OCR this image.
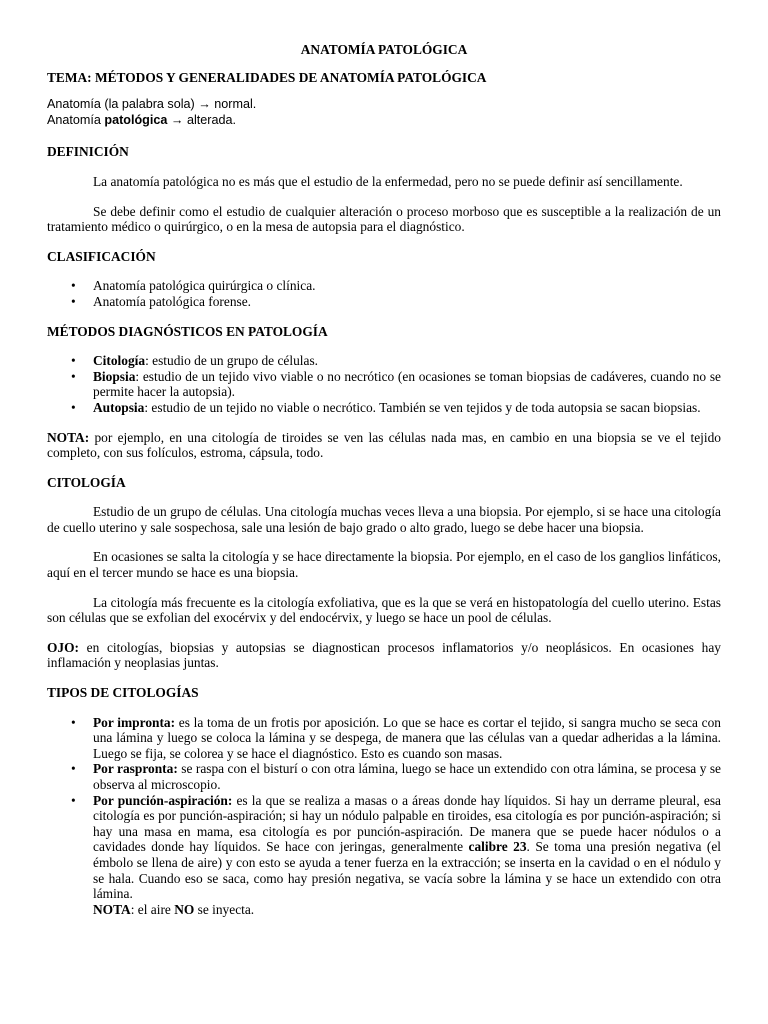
ANATOMÍA PATOLÓGICA
TEMA: MÉTODOS Y GENERALIDADES DE ANATOMÍA PATOLÓGICA
Anatomía (la palabra sola) → normal.
Anatomía patológica → alterada.
DEFINICIÓN

La anatomía patológica no es más que el estudio de la enfermedad, pero no se puede definir así sencillamente.

Se debe definir como el estudio de cualquier alteración o proceso morboso que es susceptible a la realización de un tratamiento médico o quirúrgico, o en la mesa de autopsia para el diagnóstico.

CLASIFICACIÓN
• Anatomía patológica quirúrgica o clínica.
• Anatomía patológica forense.
MÉTODOS DIAGNÓSTICOS EN PATOLOGÍA
• Citología: estudio de un grupo de células.
• Biopsia: estudio de un tejido vivo viable o no necrótico (en ocasiones se toman biopsias de cadáveres, cuando no se permite hacer la autopsia).
• Autopsia: estudio de un tejido no viable o necrótico. También se ven tejidos y de toda autopsia se sacan biopsias.

NOTA: por ejemplo, en una citología de tiroides se ven las células nada mas, en cambio en una biopsia se ve el tejido completo, con sus folículos, estroma, cápsula, todo.

CITOLOGÍA

Estudio de un grupo de células. Una citología muchas veces lleva a una biopsia. Por ejemplo, si se hace una citología de cuello uterino y sale sospechosa, sale una lesión de bajo grado o alto grado, luego se debe hacer una biopsia.

En ocasiones se salta la citología y se hace directamente la biopsia. Por ejemplo, en el caso de los ganglios linfáticos, aquí en el tercer mundo se hace es una biopsia.

La citología más frecuente es la citología exfoliativa, que es la que se verá en histopatología del cuello uterino. Estas son células que se exfolian del exocérvix y del endocérvix, y luego se hace un pool de células.

OJO: en citologías, biopsias y autopsias se diagnostican procesos inflamatorios y/o neoplásicos. En ocasiones hay inflamación y neoplasias juntas.

TIPOS DE CITOLOGÍAS
• Por impronta: es la toma de un frotis por aposición. Lo que se hace es cortar el tejido, si sangra mucho se seca con una lámina y luego se coloca la lámina y se despega, de manera que las células van a quedar adheridas a la lámina. Luego se fija, se colorea y se hace el diagnóstico. Esto es cuando son masas.
• Por raspronta: se raspa con el bisturí o con otra lámina, luego se hace un extendido con otra lámina, se procesa y se observa al microscopio.
• Por punción-aspiración: es la que se realiza a masas o a áreas donde hay líquidos. Si hay un derrame pleural, esa citología es por punción-aspiración; si hay un nódulo palpable en tiroides, esa citología es por punción-aspiración; si hay una masa en mama, esa citología es por punción-aspiración. De manera que se puede hacer nódulos o a cavidades donde hay líquidos. Se hace con jeringas, generalmente calibre 23. Se toma una presión negativa (el émbolo se llena de aire) y con esto se ayuda a tener fuerza en la extracción; se inserta en la cavidad o en el nódulo y se hala. Cuando eso se saca, como hay presión negativa, se vacía sobre la lámina y se hace un extendido con otra lámina.
NOTA: el aire NO se inyecta.
